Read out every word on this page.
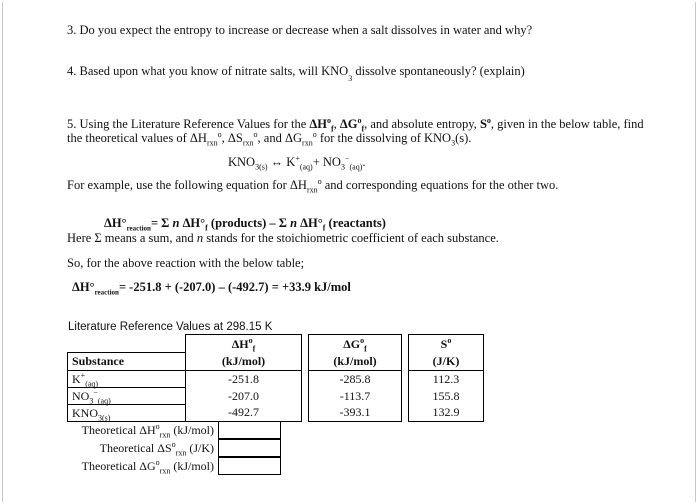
3. Do you expect the entropy to increase or decrease when a salt dissolves in water and why?
4. Based upon what you know of nitrate salts, will $KNO_3$ dissolve spontaneously? (explain)
5. Using the Literature Reference Values for the $\Delta H^o_f$, $\Delta G^o_f$, and absolute entropy, $S^o$, given in the below table, find
the theoretical values of $\Delta H_{rxn}^o$, $\Delta S_{rxn}^o$, and $\Delta G_{rxn}^o$ for the dissolving of $KNO_3(s)$.
$KNO_{3(s)}$ ↔ $K^+_{(aq)}+ NO_3^-_{(aq)}$.
For example, use the following equation for $\Delta H_{rxn}^o$ and corresponding equations for the other two.
$\Delta H^\circ_{reaction}= \Sigma$ n $\Delta H^\circ_f$ (products) – Σ n $\Delta H^\circ_f$ (reactants)
Here Σ means a sum, and n stands for the stoichiometric coefficient of each substance.
So, for the above reaction with the below table;
$\Delta H^\circ_{reaction}= -251.8 + (-207.0) - (-492.7) = +33.9$ kJ/mol
Literature Reference Values at 298.15 K
	$\Delta H^o_f$		$\Delta G^o_f$		$S^o$
Substance	(kJ/mol)		(kJ/mol)		(J/K)
$K^+_{(aq)}$	-251.8		-285.8		112.3
$NO_3^-_{(aq)}$	-207.0		-113.7		155.8
$KNO_{3(s)}$	-492.7		-393.1		132.9
Theoretical $\Delta H^o_{rxn}$ (kJ/mol)
Theoretical $\Delta S^o_{rxn}$ (J/K)
Theoretical $\Delta G^o_{rxn}$ (kJ/mol)
